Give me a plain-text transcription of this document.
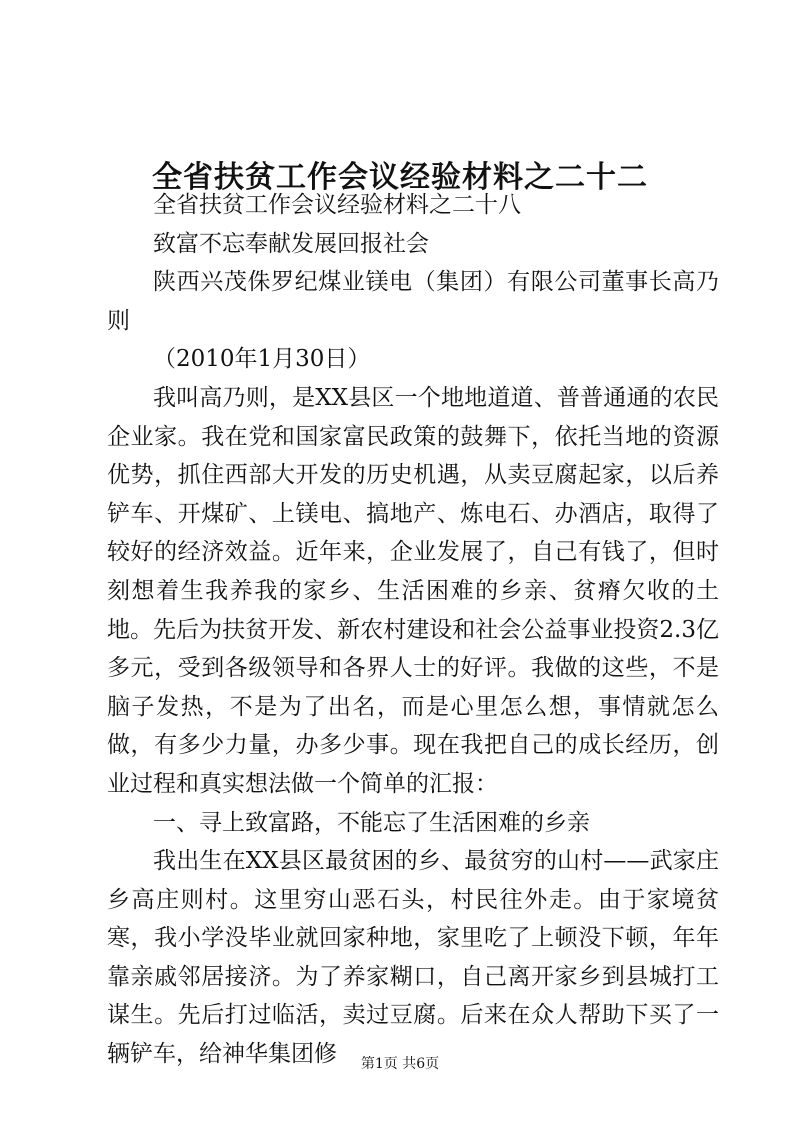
全省扶贫工作会议经验材料之二十二

全省扶贫工作会议经验材料之二十八

致富不忘奉献发展回报社会

陕西兴茂侏罗纪煤业镁电（集团）有限公司董事长高乃则

（2010年1月30日）

我叫高乃则，是XX县区一个地地道道、普普通通的农民企业家。我在党和国家富民政策的鼓舞下，依托当地的资源优势，抓住西部大开发的历史机遇，从卖豆腐起家，以后养铲车、开煤矿、上镁电、搞地产、炼电石、办酒店，取得了较好的经济效益。近年来，企业发展了，自己有钱了，但时刻想着生我养我的家乡、生活困难的乡亲、贫瘠欠收的土地。先后为扶贫开发、新农村建设和社会公益事业投资2.3亿多元，受到各级领导和各界人士的好评。我做的这些，不是脑子发热，不是为了出名，而是心里怎么想，事情就怎么做，有多少力量，办多少事。现在我把自己的成长经历，创业过程和真实想法做一个简单的汇报：

一、寻上致富路，不能忘了生活困难的乡亲

我出生在XX县区最贫困的乡、最贫穷的山村——武家庄乡高庄则村。这里穷山恶石头，村民往外走。由于家境贫寒，我小学没毕业就回家种地，家里吃了上顿没下顿，年年靠亲戚邻居接济。为了养家糊口，自己离开家乡到县城打工谋生。先后打过临活，卖过豆腐。后来在众人帮助下买了一辆铲车，给神华集团修	第1页 共6页
